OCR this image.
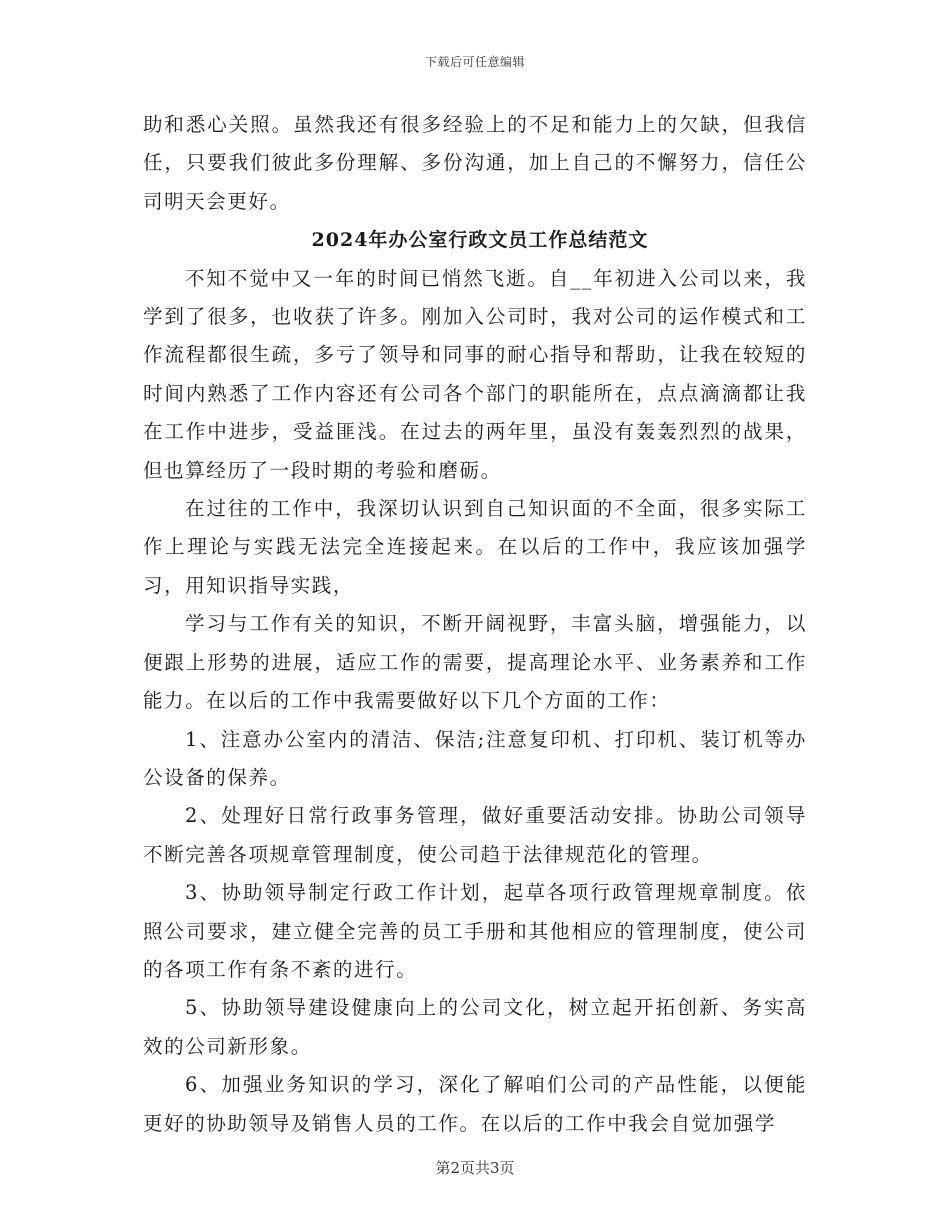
下载后可任意编辑

助和悉心关照。虽然我还有很多经验上的不足和能力上的欠缺，但我信任，只要我们彼此多份理解、多份沟通，加上自己的不懈努力，信任公司明天会更好。

2024年办公室行政文员工作总结范文

不知不觉中又一年的时间已悄然飞逝。自__年初进入公司以来，我学到了很多，也收获了许多。刚加入公司时，我对公司的运作模式和工作流程都很生疏，多亏了领导和同事的耐心指导和帮助，让我在较短的时间内熟悉了工作内容还有公司各个部门的职能所在，点点滴滴都让我在工作中进步，受益匪浅。在过去的两年里，虽没有轰轰烈烈的战果，但也算经历了一段时期的考验和磨砺。

在过往的工作中，我深切认识到自己知识面的不全面，很多实际工作上理论与实践无法完全连接起来。在以后的工作中，我应该加强学习，用知识指导实践，

学习与工作有关的知识，不断开阔视野，丰富头脑，增强能力，以便跟上形势的进展，适应工作的需要，提高理论水平、业务素养和工作能力。在以后的工作中我需要做好以下几个方面的工作：

1、注意办公室内的清洁、保洁;注意复印机、打印机、装订机等办公设备的保养。

2、处理好日常行政事务管理，做好重要活动安排。协助公司领导不断完善各项规章管理制度，使公司趋于法律规范化的管理。

3、协助领导制定行政工作计划，起草各项行政管理规章制度。依照公司要求，建立健全完善的员工手册和其他相应的管理制度，使公司的各项工作有条不紊的进行。

5、协助领导建设健康向上的公司文化，树立起开拓创新、务实高效的公司新形象。

6、加强业务知识的学习，深化了解咱们公司的产品性能，以便能更好的协助领导及销售人员的工作。在以后的工作中我会自觉加强学

第2页共3页
